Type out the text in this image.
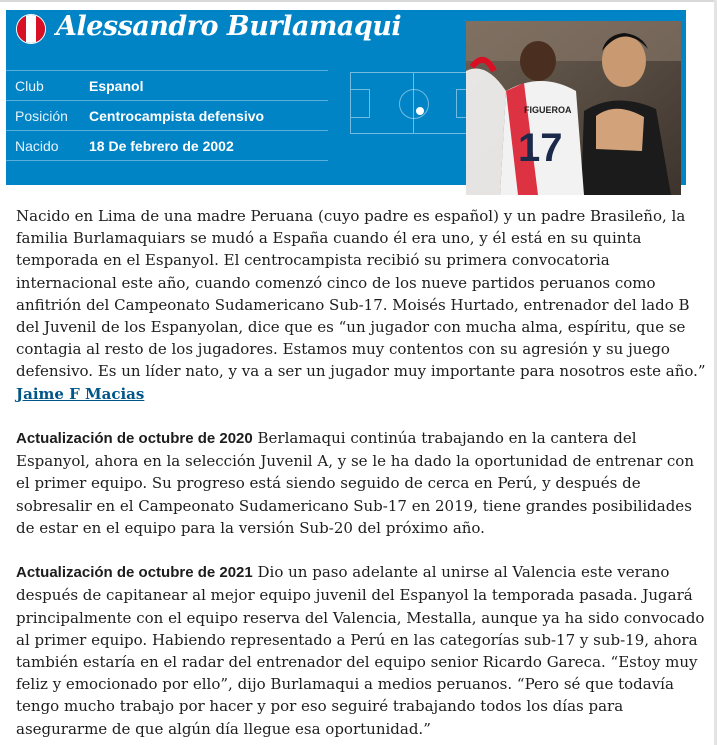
Alessandro Burlamaqui
Club	Espanol
Posición Centrocampista defensivo
Nacido 18 De febrero de 2002
FIGUEROA
17

Nacido en Lima de una madre Peruana (cuyo padre es español) y un padre Brasileño, la familia Burlamaquiars se mudó a España cuando él era uno, y él está en su quinta temporada en el Espanyol. El centrocampista recibió su primera convocatoria internacional este año, cuando comenzó cinco de los nueve partidos peruanos como anfitrión del Campeonato Sudamericano Sub-17. Moisés Hurtado, entrenador del lado B del Juvenil de los Espanyolan, dice que es “un jugador con mucha alma, espíritu, que se contagia al resto de los jugadores. Estamos muy contentos con su agresión y su juego defensivo. Es un líder nato, y va a ser un jugador muy importante para nosotros este año.”
Jaime F Macias

Actualización de octubre de 2020 Berlamaqui continúa trabajando en la cantera del Espanyol, ahora en la selección Juvenil A, y se le ha dado la oportunidad de entrenar con el primer equipo. Su progreso está siendo seguido de cerca en Perú, y después de sobresalir en el Campeonato Sudamericano Sub-17 en 2019, tiene grandes posibilidades de estar en el equipo para la versión Sub-20 del próximo año.

Actualización de octubre de 2021 Dio un paso adelante al unirse al Valencia este verano después de capitanear al mejor equipo juvenil del Espanyol la temporada pasada. Jugará principalmente con el equipo reserva del Valencia, Mestalla, aunque ya ha sido convocado al primer equipo. Habiendo representado a Perú en las categorías sub-17 y sub-19, ahora también estaría en el radar del entrenador del equipo senior Ricardo Gareca. “Estoy muy feliz y emocionado por ello”, dijo Burlamaqui a medios peruanos. “Pero sé que todavía tengo mucho trabajo por hacer y por eso seguiré trabajando todos los días para asegurarme de que algún día llegue esa oportunidad.”
